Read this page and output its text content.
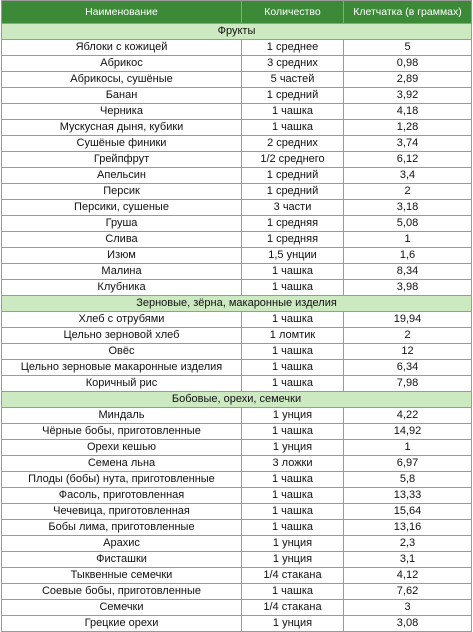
Наименование	Количество	Клетчатка (в граммах)
Фрукты		
Яблоки с кожицей	1 среднее	5
Абрикос	3 средних	0,98
Абрикосы, сушёные	5 частей	2,89
Банан	1 средний	3,92
Черника	1 чашка	4,18
Мускусная дыня, кубики	1 чашка	1,28
Сушёные финики	2 средних	3,74
Грейпфрут	1/2 среднего	6,12
Апельсин	1 средний	3,4
Персик	1 средний	2
Персики, сушеные	3 части	3,18
Груша	1 средняя	5,08
Слива	1 средняя	1
Изюм	1,5 унции	1,6
Малина	1 чашка	8,34
Клубника	1 чашка	3,98
Зерновые, зёрна, макаронные изделия		
Хлеб с отрубями	1 чашка	19,94
Цельно зерновой хлеб	1 ломтик	2
Овёс	1 чашка	12
Цельно зерновые макаронные изделия	1 чашка	6,34
Коричный рис	1 чашка	7,98
Бобовые, орехи, семечки		
Миндаль	1 унция	4,22
Чёрные бобы, приготовленные	1 чашка	14,92
Орехи кешью	1 унция	1
Семена льна	3 ложки	6,97
Плоды (бобы) нута, приготовленные	1 чашка	5,8
Фасоль, приготовленная	1 чашка	13,33
Чечевица, приготовленная	1 чашка	15,64
Бобы лима, приготовленные	1 чашка	13,16
Арахис	1 унция	2,3
Фисташки	1 унция	3,1
Тыквенные семечки	1/4 стакана	4,12
Соевые бобы, приготовленные	1 чашка	7,62
Семечки	1/4 стакана	3
Грецкие орехи	1 унция	3,08
